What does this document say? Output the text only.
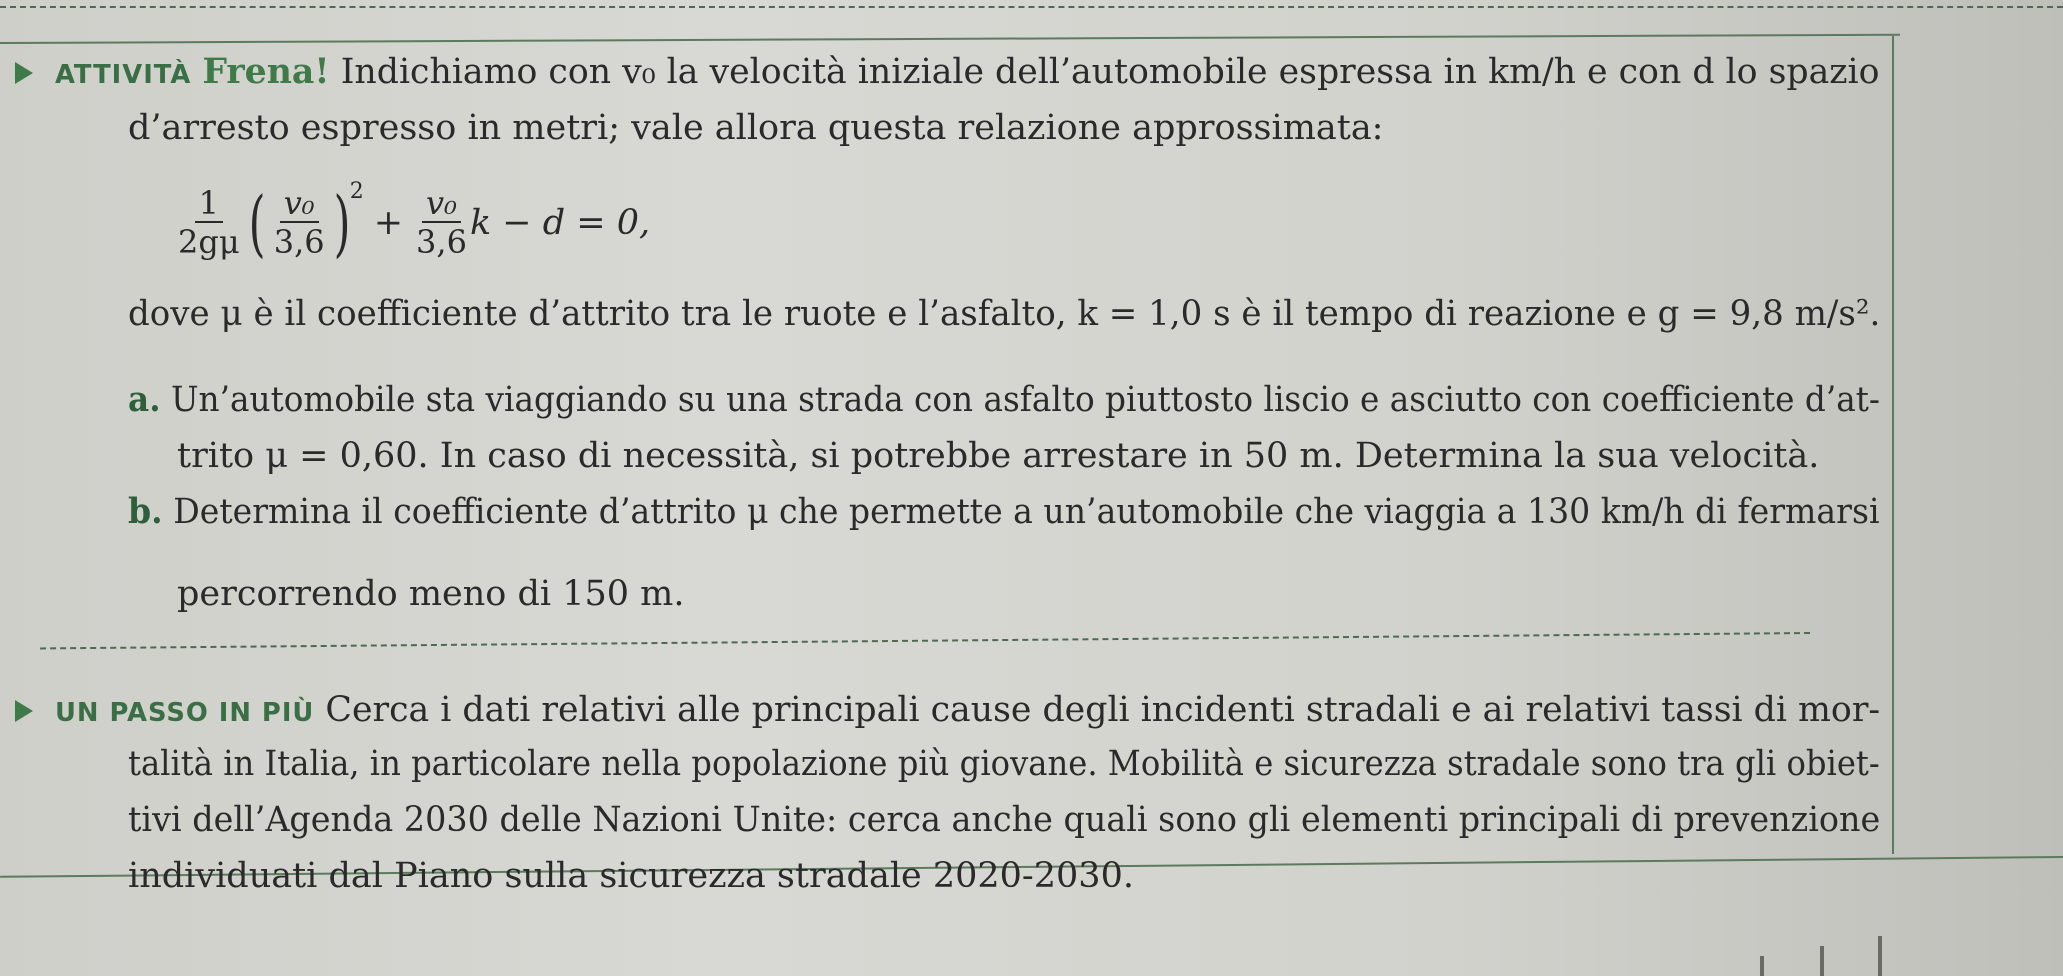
ATTIVITÀ Frena! Indichiamo con v₀ la velocità iniziale dell’automobile espressa in km/h e con d lo spazio
d’arresto espresso in metri; vale allora questa relazione approssimata:
$\frac{1}{2g\mu}$ ( $\frac{\text{v₀}}{3,6}$ ) 2
+ $\frac{\text{v₀}}{3,6}$ k − d = 0,
dove μ è il coefficiente d’attrito tra le ruote e l’asfalto, k = 1,0 s è il tempo di reazione e g = 9,8 m/s².
a. Un’automobile sta viaggiando su una strada con asfalto piuttosto liscio e asciutto con coefficiente d’at-
trito μ = 0,60. In caso di necessità, si potrebbe arrestare in 50 m. Determina la sua velocità.
b. Determina il coefficiente d’attrito μ che permette a un’automobile che viaggia a 130 km/h di fermarsi
percorrendo meno di 150 m.
UN PASSO IN PIÙ Cerca i dati relativi alle principali cause degli incidenti stradali e ai relativi tassi di mor-
talità in Italia, in particolare nella popolazione più giovane. Mobilità e sicurezza stradale sono tra gli obiet-
tivi dell’Agenda 2030 delle Nazioni Unite: cerca anche quali sono gli elementi principali di prevenzione
individuati dal Piano sulla sicurezza stradale 2020-2030.
